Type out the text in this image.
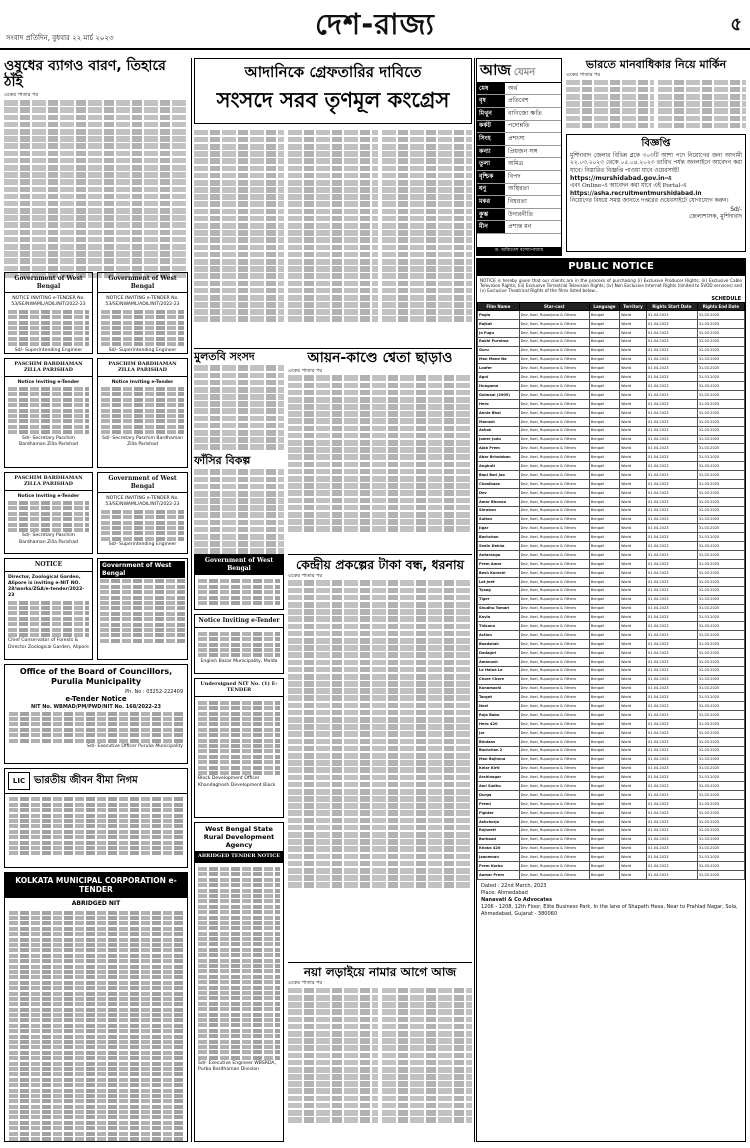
সংবাদ প্রতিদিন, বুধবার ২২ মার্চ ২০২৩	দেশ-রাজ্য	৫
ওষুধের ব্যাগও বারণ, তিহারে ঠাঁই
একের পাতার পর
Government of West Bengal
NOTICE INVITING e-TENDER No. 53/SE/NWAML/ADIL/NIT/2022-23
Sd/- Superintending Engineer
Government of West Bengal
NOTICE INVITING e-TENDER No. 53/SE/NWAML/ADIL/NIT/2022-23
Sd/- Superintending Engineer
PASCHIM BARDHAMAN ZILLA PARISHAD
Notice Inviting e-Tender
Sd/- Secretary Paschim Bardhaman Zilla Parishad
PASCHIM BARDHAMAN ZILLA PARISHAD
Notice Inviting e-Tender
Sd/- Secretary Paschim Bardhaman Zilla Parishad
PASCHIM BARDHAMAN ZILLA PARISHAD
Notice Inviting e-Tender
Sd/- Secretary Paschim Bardhaman Zilla Parishad
Government of West Bengal
NOTICE INVITING e-TENDER No. 53/SE/NWAML/ADIL/NIT/2022-23
Sd/- Superintending Engineer
NOTICE
Director, Zoological Garden, Alipore is inviting e-NIT NO. 28/works/ZGA/e-tender/2022-23
Chief Conservator of Forests & Director Zoological Garden, Alipore
Government of West Bengal
Office of the Board of Councillors, Purulia Municipality
Ph. No : 03252-222409
e-Tender Notice
NIT No. WBMAD/PM/PWD/NIT No. 168/2022-23
Sd/- Executive Officer Purulia Municipality
LIC ভারতীয় জীবন বীমা নিগম
KOLKATA MUNICIPAL CORPORATION e-TENDER
ABRIDGED NIT
আদানিকে গ্রেফতারির দাবিতে
সংসদে সরব তৃণমূল কংগ্রেস
মুলতবি সংসদ
ফাঁসির বিকল্প
আয়ন-কাণ্ডে শ্বেতা ছাড়াও
একের পাতার পর
Government of West Bengal
Notice Inviting e-Tender
English Bazar Municipality, Malda
Undersigned NIT No. (1) E-TENDER
Block Development Officer Khandaghosh Development Block
West Bengal State Rural Development Agency
ABRIDGED TENDER NOTICE
Sd/- Executive Engineer WBSRDA, Purba Bardhaman Division
কেন্দ্রীয় প্রকল্পের টাকা বন্ধ, ধরনায়
একের পাতার পর
নয়া লড়াইয়ে নামার আগে আজ
একের পাতার পর
আজ যেমন
মেষ	অর্থ
বৃষ	প্রতিবেশ
মিথুন	বাণিজ্যে ক্ষতি
কর্কট	পদোন্নতি
সিংহ	প্রশংসা
কন্যা	প্রিয়জন সঙ্গ
তুলা	অমিত্র
বৃশ্চিক	বিপদ
ধনু	অস্থিরতা
মকর	বিষণ্ণতা
কুম্ভ	উদারনীতি
মীন	প্রশান্ত মন
ড. অজিতেশ বন্দ্যোপাধ্যায়
ভারতে মানবাধিকার নিয়ে মার্কিন
একের পাতার পর
বিজ্ঞপ্তি
মুর্শিদাবাদ জেলার বিভিন্ন ব্লকে ৩০৩টি আশা পদে নিয়োগের জন্য আগামী ২২.০৩.২০২৩ থেকে ০৫.০৪.২০২৩ তারিখ পর্যন্ত অনলাইনে আবেদন করা যাবে। বিস্তারিত বিজ্ঞপ্তি পাওয়া যাবে ওয়েবসাইট
https://murshidabad.gov.in-এ
এবং Online-এ আবেদন করা যাবে এই Portal-এ
https://asha.recruitmentmurshidabad.in
নিয়োগের বিষয়ে সমস্ত জানতে দপ্তরের ওয়েবসাইটে যোগাযোগ করুন।
Sd/-
জেলাশাসক, মুর্শিদাবাদ
PUBLIC NOTICE
NOTICE is hereby given that our clients are in the process of purchasing (i) Exclusive Producer Rights; (ii) Exclusive Cable Television Rights; (iii) Exclusive Terrestrial Television Rights; (iv) Non Exclusive Internet Rights (limited to SVOD services) and (v) Exclusive Theatrical Rights of the films listed below...
SCHEDULE
Film Name	Star-cast	Language	Territory	Rights Start Date	Rights End Date
Paglu	Dev, Koel, Rupanjana & Others	Bengali	World	01.04.2023	31.03.2025
Rajkat	Dev, Koel, Rupanjana & Others	Bengali	World	01.04.2023	31.03.2025
Jo Fugu	Dev, Koel, Rupanjana & Others	Bengali	World	01.04.2023	31.03.2025
Rakhi Purnima	Dev, Koel, Rupanjana & Others	Bengali	World	01.04.2023	31.03.2025
Guru	Dev, Koel, Rupanjana & Others	Bengali	World	01.04.2023	31.03.2025
Mon Mane Na	Dev, Koel, Rupanjana & Others	Bengali	World	01.04.2023	31.03.2025
Loafer	Dev, Koel, Rupanjana & Others	Bengali	World	01.04.2023	31.03.2025
Agni	Dev, Koel, Rupanjana & Others	Bengali	World	01.04.2023	31.03.2025
Hungama	Dev, Koel, Rupanjana & Others	Bengali	World	01.04.2023	31.03.2025
Golmaal (2009)	Dev, Koel, Rupanjana & Others	Bengali	World	01.04.2023	31.03.2025
Hero	Dev, Koel, Rupanjana & Others	Bengali	World	01.04.2023	31.03.2025
Annie Bhai	Dev, Koel, Rupanjana & Others	Bengali	World	01.04.2023	31.03.2025
Manush	Dev, Koel, Rupanjana & Others	Bengali	World	01.04.2023	31.03.2025
Ashok	Dev, Koel, Rupanjana & Others	Bengali	World	01.04.2023	31.03.2025
Jomer Jodu	Dev, Koel, Rupanjana & Others	Bengali	World	01.04.2023	31.03.2025
Ajab Prem	Dev, Koel, Rupanjana & Others	Bengali	World	01.04.2023	31.03.2025
Abar Brindaban	Dev, Koel, Rupanjana & Others	Bengali	World	01.04.2023	31.03.2025
Anghuti	Dev, Koel, Rupanjana & Others	Bengali	World	01.04.2023	31.03.2025
Bapi Bari Jao	Dev, Koel, Rupanjana & Others	Bengali	World	01.04.2023	31.03.2025
Chaalbaaz	Dev, Koel, Rupanjana & Others	Bengali	World	01.04.2023	31.03.2025
Dev	Dev, Koel, Rupanjana & Others	Bengali	World	01.04.2023	31.03.2025
Amar Bhuvan	Dev, Koel, Rupanjana & Others	Bengali	World	01.04.2023	31.03.2025
Shrobon	Dev, Koel, Rupanjana & Others	Bengali	World	01.04.2023	31.03.2025
Sultan	Dev, Koel, Rupanjana & Others	Bengali	World	01.04.2023	31.03.2025
Jigar	Dev, Koel, Rupanjana & Others	Bengali	World	01.04.2023	31.03.2025
Bachchan	Dev, Koel, Rupanjana & Others	Bengali	World	01.04.2023	31.03.2025
Sedin Dekha	Dev, Koel, Rupanjana & Others	Bengali	World	01.04.2023	31.03.2025
Antaranga	Dev, Koel, Rupanjana & Others	Bengali	World	01.04.2023	31.03.2025
Prem Amar	Dev, Koel, Rupanjana & Others	Bengali	World	01.04.2023	31.03.2025
Besh Korechi	Dev, Koel, Rupanjana & Others	Bengali	World	01.04.2023	31.03.2025
Lat Jeet	Dev, Koel, Rupanjana & Others	Bengali	World	01.04.2023	31.03.2025
Tyaag	Dev, Koel, Rupanjana & Others	Bengali	World	01.04.2023	31.03.2025
Tiger	Dev, Koel, Rupanjana & Others	Bengali	World	01.04.2023	31.03.2025
Shudhu Tomari	Dev, Koel, Rupanjana & Others	Bengali	World	01.04.2023	31.03.2025
Koyla	Dev, Koel, Rupanjana & Others	Bengali	World	01.04.2023	31.03.2025
Thikana	Dev, Koel, Rupanjana & Others	Bengali	World	01.04.2023	31.03.2025
Action	Dev, Koel, Rupanjana & Others	Bengali	World	01.04.2023	31.03.2025
Baadshah	Dev, Koel, Rupanjana & Others	Bengali	World	01.04.2023	31.03.2025
Dadagiri	Dev, Koel, Rupanjana & Others	Bengali	World	01.04.2023	31.03.2025
Amanush	Dev, Koel, Rupanjana & Others	Bengali	World	01.04.2023	31.03.2025
Le Halua Le	Dev, Koel, Rupanjana & Others	Bengali	World	01.04.2023	31.03.2025
Chore Chore	Dev, Koel, Rupanjana & Others	Bengali	World	01.04.2023	31.03.2025
Kanamachi	Dev, Koel, Rupanjana & Others	Bengali	World	01.04.2023	31.03.2025
Target	Dev, Koel, Rupanjana & Others	Bengali	World	01.04.2023	31.03.2025
Neel	Dev, Koel, Rupanjana & Others	Bengali	World	01.04.2023	31.03.2025
Raja Babu	Dev, Koel, Rupanjana & Others	Bengali	World	01.04.2023	31.03.2025
Hero 420	Dev, Koel, Rupanjana & Others	Bengali	World	01.04.2023	31.03.2025
Jor	Dev, Koel, Rupanjana & Others	Bengali	World	01.04.2023	31.03.2025
Bindaas	Dev, Koel, Rupanjana & Others	Bengali	World	01.04.2023	31.03.2025
Bachchan 2	Dev, Koel, Rupanjana & Others	Bengali	World	01.04.2023	31.03.2025
Mon Bojhena	Dev, Koel, Rupanjana & Others	Bengali	World	01.04.2023	31.03.2025
Kelor Kirti	Dev, Koel, Rupanjana & Others	Bengali	World	01.04.2023	31.03.2025
Arshinagar	Dev, Koel, Rupanjana & Others	Bengali	World	01.04.2023	31.03.2025
Ami Sudhu	Dev, Koel, Rupanjana & Others	Bengali	World	01.04.2023	31.03.2025
Durga	Dev, Koel, Rupanjana & Others	Bengali	World	01.04.2023	31.03.2025
Premi	Dev, Koel, Rupanjana & Others	Bengali	World	01.04.2023	31.03.2025
Fighter	Dev, Koel, Rupanjana & Others	Bengali	World	01.04.2023	31.03.2025
Ashchorjo	Dev, Koel, Rupanjana & Others	Bengali	World	01.04.2023	31.03.2025
Rajneeti	Dev, Koel, Rupanjana & Others	Bengali	World	01.04.2023	31.03.2025
Borbaad	Dev, Koel, Rupanjana & Others	Bengali	World	01.04.2023	31.03.2025
Khoka 420	Dev, Koel, Rupanjana & Others	Bengali	World	01.04.2023	31.03.2025
Jaaneman	Dev, Koel, Rupanjana & Others	Bengali	World	01.04.2023	31.03.2025
Prem Korbo	Dev, Koel, Rupanjana & Others	Bengali	World	01.04.2023	31.03.2025
Aamar Prem	Dev, Koel, Rupanjana & Others	Bengali	World	01.04.2023	31.03.2025
Dated : 22nd March, 2023
Place: Ahmedabad
Nanavati & Co Advocates
1206 - 1208, 12th Floor, Elite Business Park, In the lane of Shapath Hexa, Near to Prahlad Nagar, Sola, Ahmedabad, Gujarat - 380060
